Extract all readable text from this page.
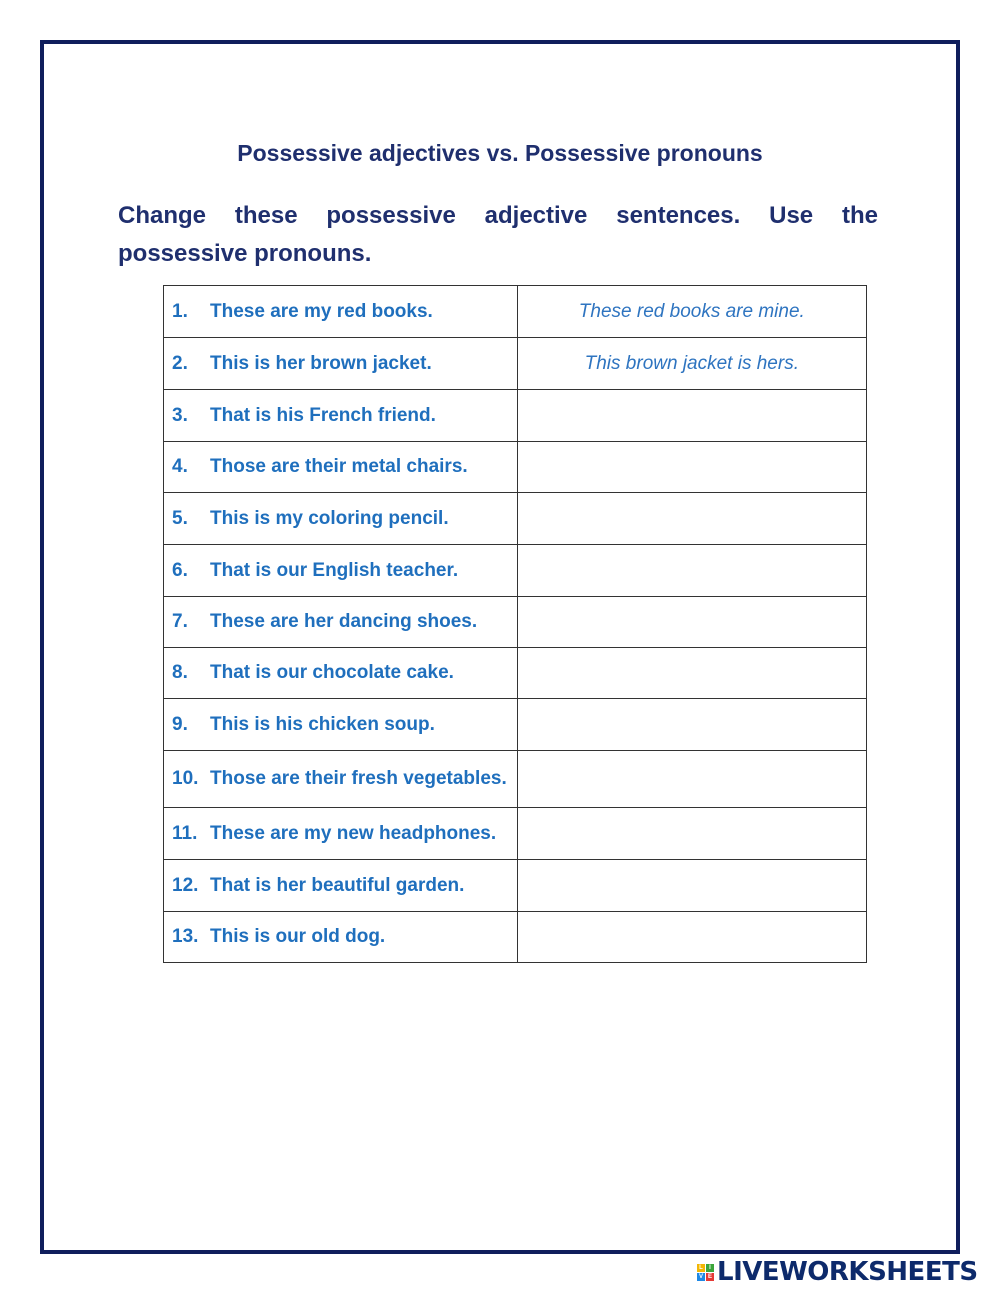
Possessive adjectives vs. Possessive pronouns
Change these possessive adjective sentences. Use the possessive pronouns.
1. These are my red books.	These red books are mine.

2. This is her brown jacket.	This brown jacket is hers.

3. That is his French friend.	

4. Those are their metal chairs.	

5. This is my coloring pencil.	

6. That is our English teacher.	

7. These are her dancing shoes.	

8. That is our chocolate cake.	

9. This is his chicken soup.	

10. Those are their fresh vegetables.	

11. These are my new headphones.	

12. That is her beautiful garden.	

13. This is our old dog.	

L	I
V E LIVEWORKSHEETS
